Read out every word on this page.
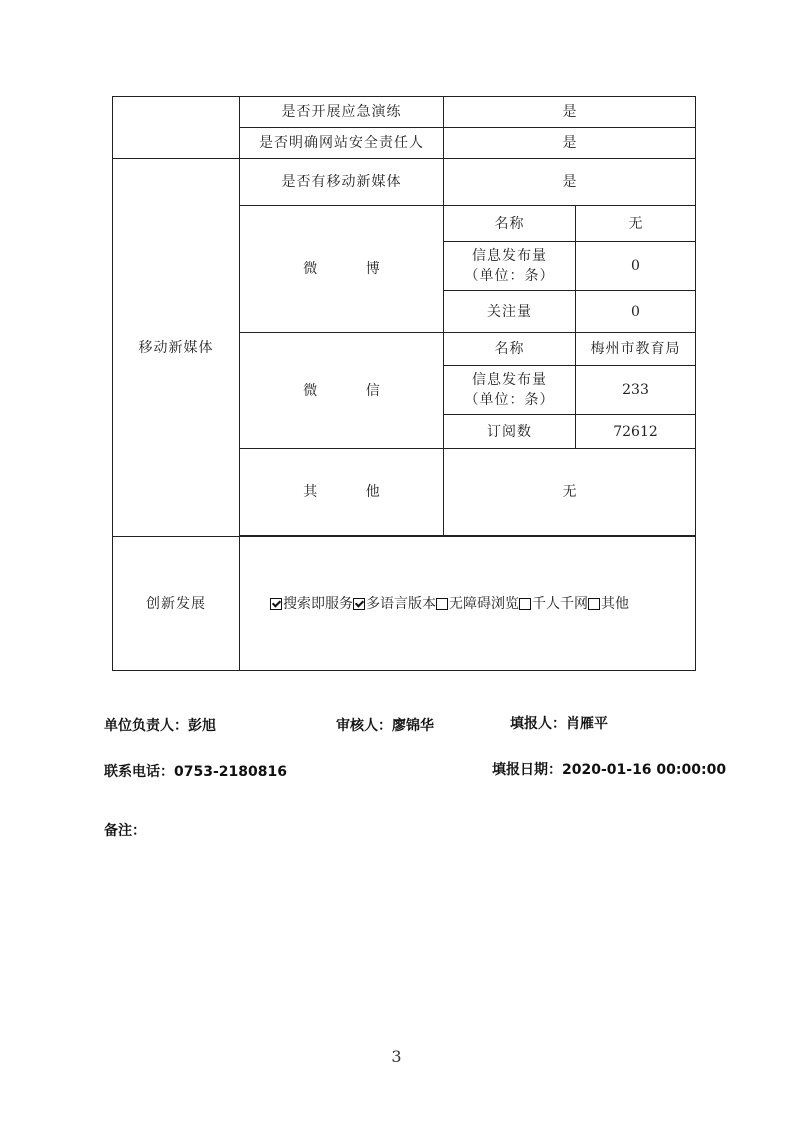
	是否开展应急演练	是	
	是否明确网站安全责任人	是	
移动新媒体	是否有移动新媒体	是	
	微 博	名称	无
		信息发布量
（单位：条）	0
		关注量	0
	微 信	名称	梅州市教育局
		信息发布量
（单位：条）	233
		订阅数	72612
	其 他	无	

创新发展	搜索即服务 多语言版本 无障碍浏览 千人千网 其他		
单位负责人：彭旭	审核人：廖锦华	填报人：肖雁平
联系电话：0753-2180816	填报日期：2020-01-16 00:00:00
备注：
3
